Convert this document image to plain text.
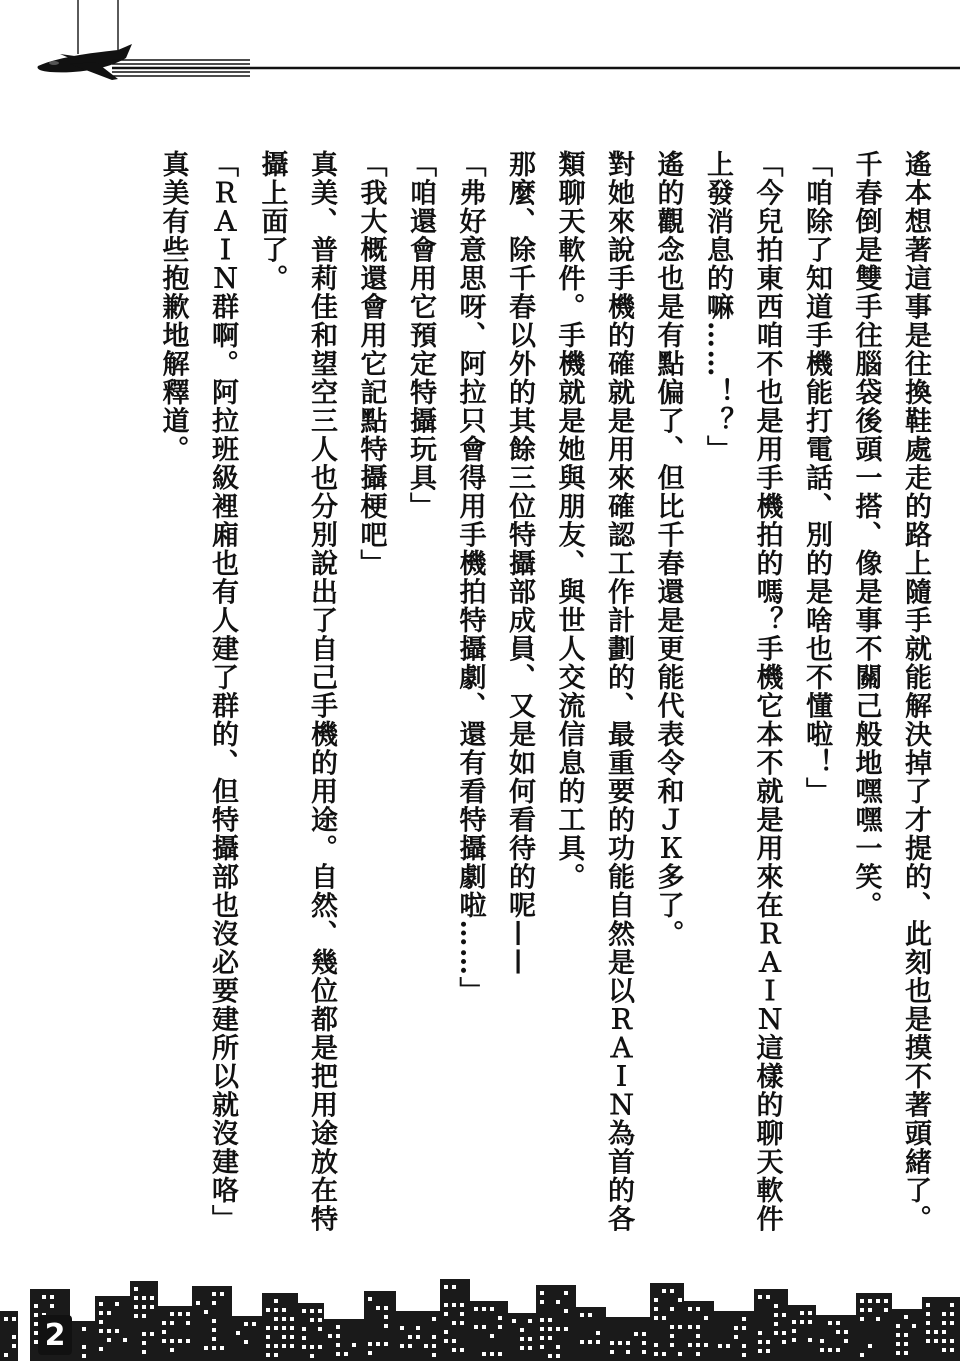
遙本想著這事是往換鞋處走的路上隨手就能解決掉了才提的、此刻也是摸不著頭緒了。

千春倒是雙手往腦袋後頭一搭、像是事不關己般地嘿嘿一笑。

「咱除了知道手機能打電話、別的是啥也不懂啦！」

「今兒拍東西咱不也是用手機拍的嗎？手機它本不就是用來在ＲＡＩＮ這樣的聊天軟件上發消息的嘛……！？」

遙的觀念也是有點偏了、但比千春還是更能代表令和ＪＫ多了。

對她來說手機的確就是用來確認工作計劃的、最重要的功能自然是以ＲＡＩＮ為首的各類聊天軟件。手機就是她與朋友、與世人交流信息的工具。

那麼、除千春以外的其餘三位特攝部成員、又是如何看待的呢——

「弗好意思呀、阿拉只會得用手機拍特攝劇、還有看特攝劇啦……」

「咱還會用它預定特攝玩具」

「我大概還會用它記點特攝梗吧」

真美、普莉佳和望空三人也分別說出了自己手機的用途。自然、幾位都是把用途放在特攝上面了。

「ＲＡＩＮ群啊。阿拉班級裡廂也有人建了群的、但特攝部也沒必要建所以就沒建咯」

真美有些抱歉地解釋道。

2
